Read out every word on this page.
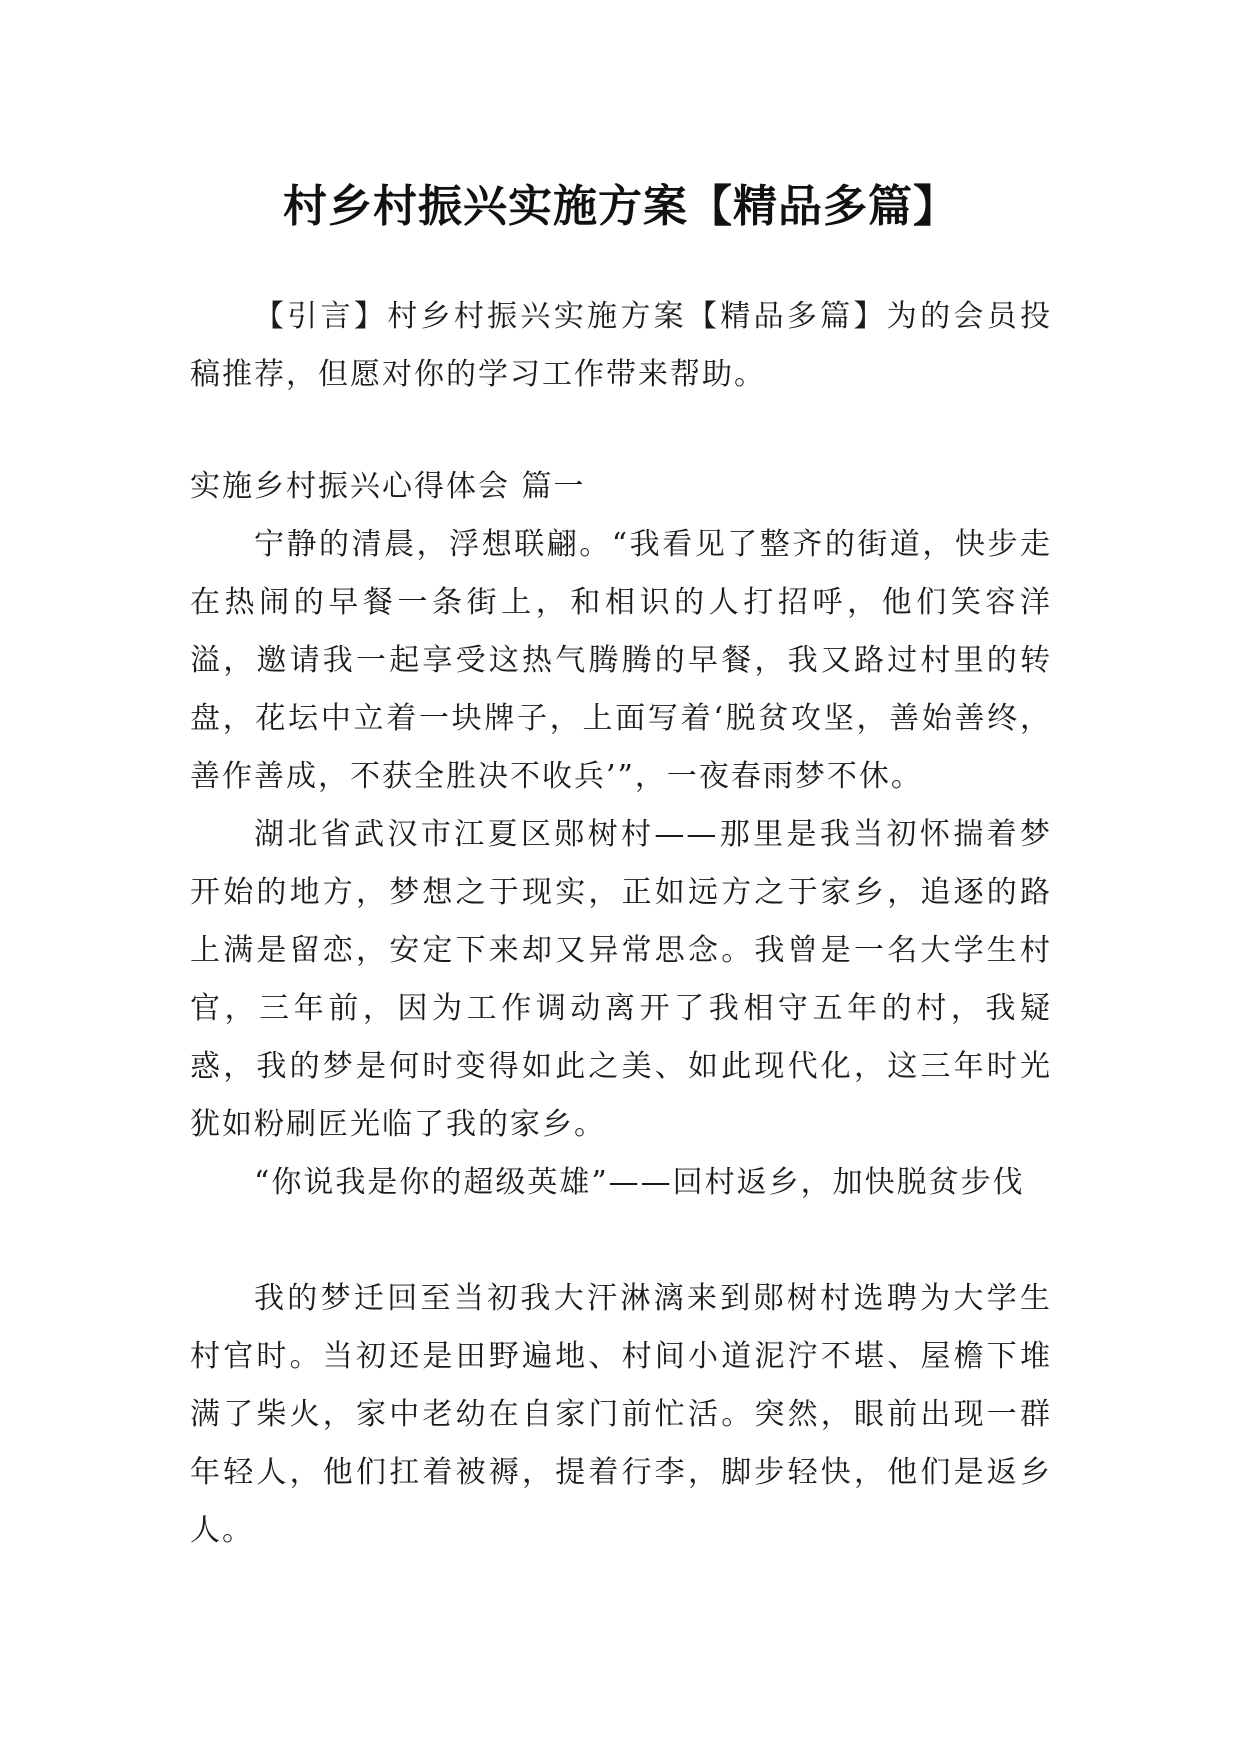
村乡村振兴实施方案【精品多篇】

【引言】村乡村振兴实施方案【精品多篇】为的会员投稿推荐，但愿对你的学习工作带来帮助。

实施乡村振兴心得体会 篇一

宁静的清晨，浮想联翩。“我看见了整齐的街道，快步走在热闹的早餐一条街上，和相识的人打招呼，他们笑容洋溢，邀请我一起享受这热气腾腾的早餐，我又路过村里的转盘，花坛中立着一块牌子，上面写着‘脱贫攻坚，善始善终，善作善成，不获全胜决不收兵’”，一夜春雨梦不休。

湖北省武汉市江夏区郧树村——那里是我当初怀揣着梦开始的地方，梦想之于现实，正如远方之于家乡，追逐的路上满是留恋，安定下来却又异常思念。我曾是一名大学生村官，三年前，因为工作调动离开了我相守五年的村，我疑惑，我的梦是何时变得如此之美、如此现代化，这三年时光犹如粉刷匠光临了我的家乡。

“你说我是你的超级英雄”——回村返乡，加快脱贫步伐

我的梦迁回至当初我大汗淋漓来到郧树村选聘为大学生村官时。当初还是田野遍地、村间小道泥泞不堪、屋檐下堆满了柴火，家中老幼在自家门前忙活。突然，眼前出现一群年轻人，他们扛着被褥，提着行李，脚步轻快，他们是返乡人。
